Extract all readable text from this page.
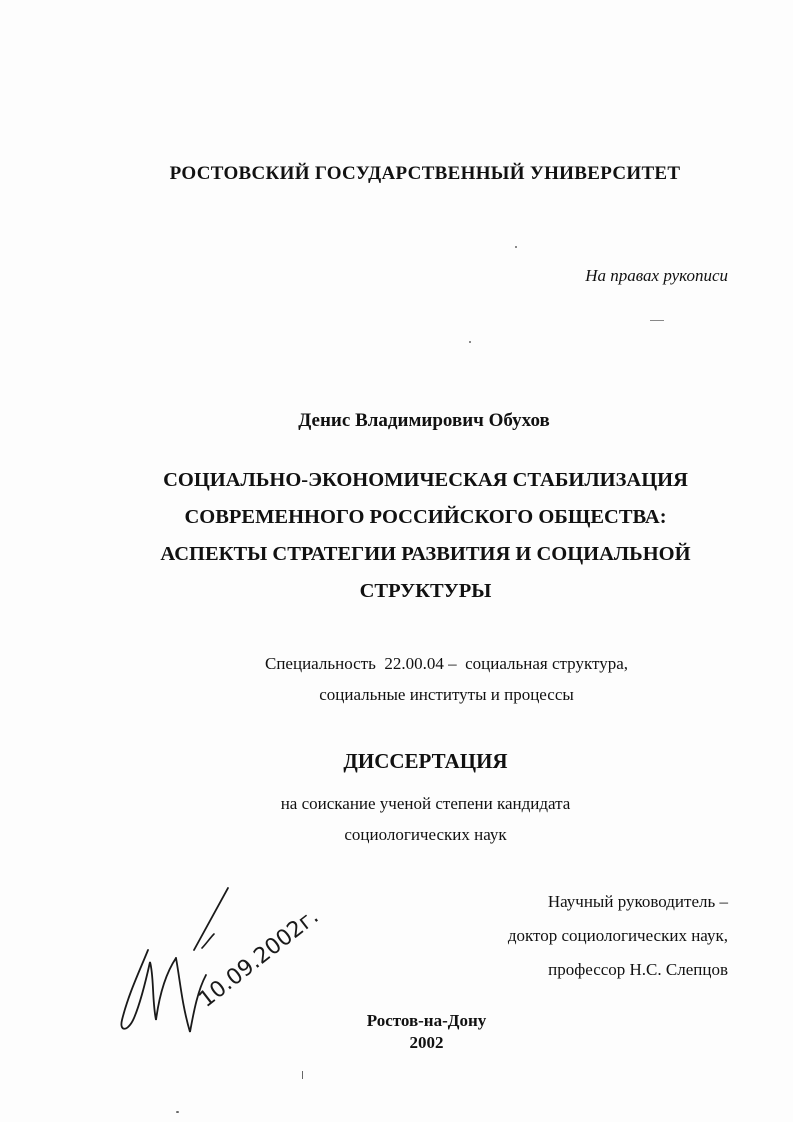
РОСТОВСКИЙ ГОСУДАРСТВЕННЫЙ УНИВЕРСИТЕТ
На правах рукописи
Денис Владимирович Обухов
СОЦИАЛЬНО-ЭКОНОМИЧЕСКАЯ СТАБИЛИЗАЦИЯ
СОВРЕМЕННОГО РОССИЙСКОГО ОБЩЕСТВА:
АСПЕКТЫ СТРАТЕГИИ РАЗВИТИЯ И СОЦИАЛЬНОЙ
СТРУКТУРЫ
Специальность  22.00.04 –  социальная структура,
социальные институты и процессы
ДИССЕРТАЦИЯ
на соискание ученой степени кандидата
социологических наук
Научный руководитель –
доктор социологических наук,
профессор Н.С. Слепцов
10.09.2002г.
Ростов-на-Дону
2002
